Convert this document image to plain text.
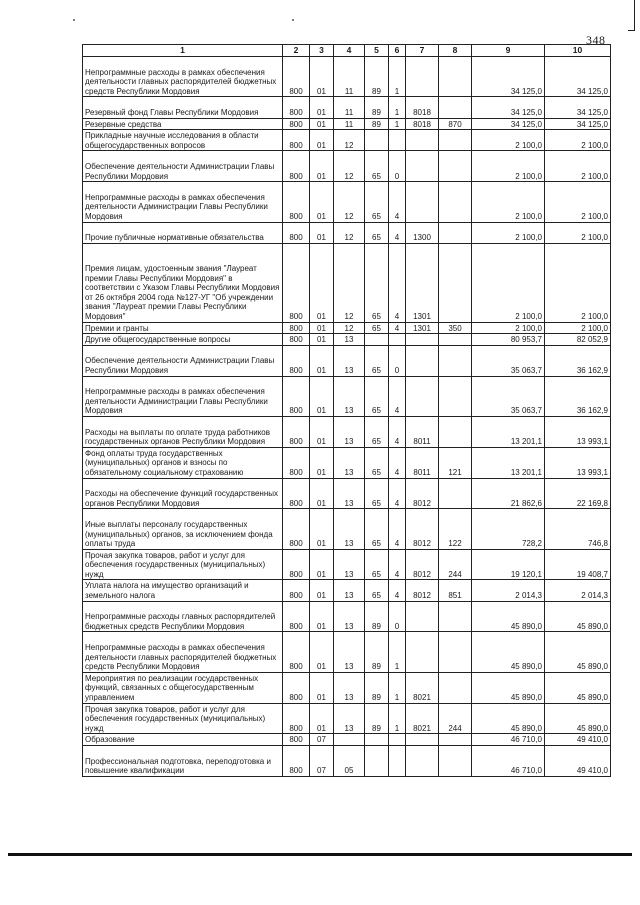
348
1	2	3	4	5	6	7	8	9	10
Непрограммные расходы в рамках обеспечения деятельности главных распорядителей бюджетных средств Республики Мордовия	800	01	11	89	1			34 125,0	34 125,0
Резервный фонд Главы Республики Мордовия	800	01	11	89	1	8018		34 125,0	34 125,0
Резервные средства	800	01	11	89	1	8018	870	34 125,0	34 125,0
Прикладные научные исследования в области общегосударственных вопросов	800	01	12					2 100,0	2 100,0
Обеспечение деятельности Администрации Главы Республики Мордовия	800	01	12	65	0			2 100,0	2 100,0
Непрограммные расходы в рамках обеспечения деятельности Администрации Главы Республики Мордовия	800	01	12	65	4			2 100,0	2 100,0
Прочие публичные нормативные обязательства	800	01	12	65	4	1300		2 100,0	2 100,0
Премия лицам, удостоенным звания "Лауреат премии Главы Республики Мордовия" в соответствии с Указом Главы Республики Мордовия от 26 октября 2004 года №127-УГ "Об учреждении звания "Лауреат премии Главы Республики Мордовия"	800	01	12	65	4	1301		2 100,0	2 100,0
Премии и гранты	800	01	12	65	4	1301	350	2 100,0	2 100,0
Другие общегосударственные вопросы	800	01	13					80 953,7	82 052,9
Обеспечение деятельности Администрации Главы Республики Мордовия	800	01	13	65	0			35 063,7	36 162,9
Непрограммные расходы в рамках обеспечения деятельности Администрации Главы Республики Мордовия	800	01	13	65	4			35 063,7	36 162,9
Расходы на выплаты по оплате труда работников государственных органов Республики Мордовия	800	01	13	65	4	8011		13 201,1	13 993,1
Фонд оплаты труда государственных (муниципальных) органов и взносы по обязательному социальному страхованию	800	01	13	65	4	8011	121	13 201,1	13 993,1
Расходы на обеспечение функций государственных органов Республики Мордовия	800	01	13	65	4	8012		21 862,6	22 169,8
Иные выплаты персоналу государственных (муниципальных) органов, за исключением фонда оплаты труда	800	01	13	65	4	8012	122	728,2	746,8
Прочая закупка товаров, работ и услуг для обеспечения государственных (муниципальных) нужд	800	01	13	65	4	8012	244	19 120,1	19 408,7
Уплата налога на имущество организаций и земельного налога	800	01	13	65	4	8012	851	2 014,3	2 014,3
Непрограммные расходы главных распорядителей бюджетных средств Республики Мордовия	800	01	13	89	0			45 890,0	45 890,0
Непрограммные расходы в рамках обеспечения деятельности главных распорядителей бюджетных средств Республики Мордовия	800	01	13	89	1			45 890,0	45 890,0
Мероприятия по реализации государственных функций, связанных с общегосударственным управлением	800	01	13	89	1	8021		45 890,0	45 890,0
Прочая закупка товаров, работ и услуг для обеспечения государственных (муниципальных) нужд	800	01	13	89	1	8021	244	45 890,0	45 890,0
Образование	800	07						46 710,0	49 410,0
Профессиональная подготовка, переподготовка и повышение квалификации	800	07	05					46 710,0	49 410,0
